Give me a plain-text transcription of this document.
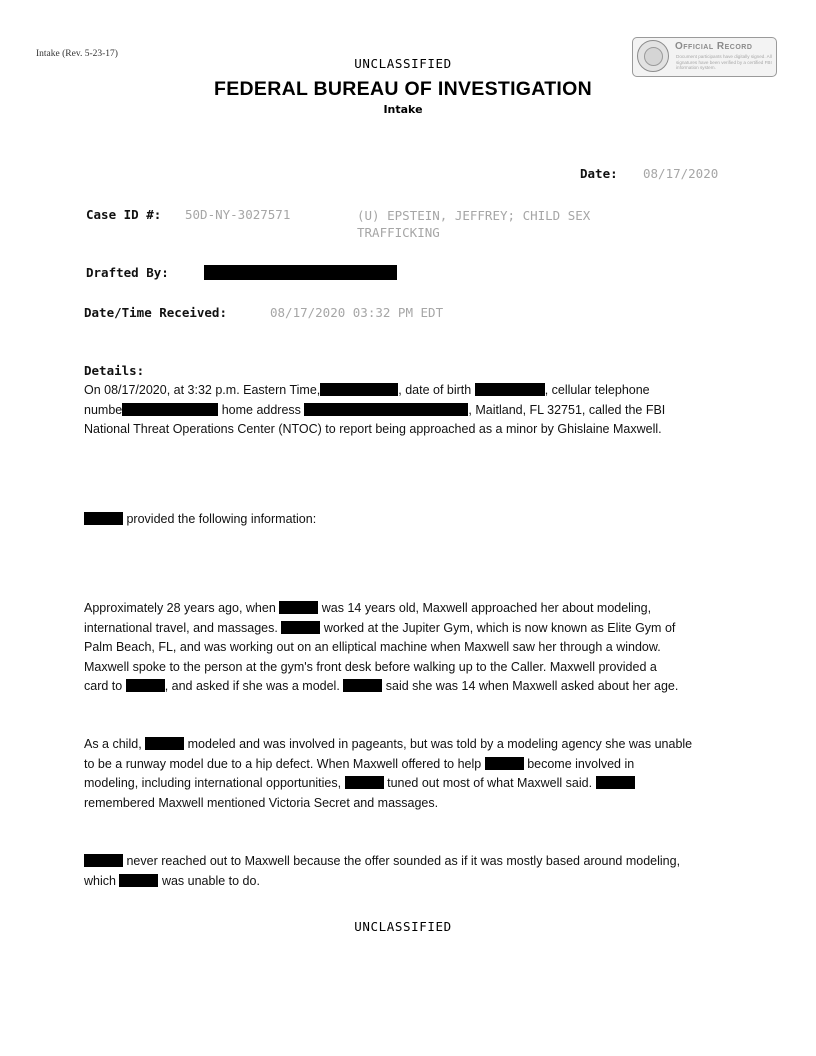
Intake (Rev. 5-23-17)
UNCLASSIFIED
FEDERAL BUREAU OF INVESTIGATION
Intake
Official Record
Document participants have digitally signed. All signatures have been verified by a certified FBI information system.
Date: 08/17/2020
Case ID #: 50D-NY-3027571	(U) EPSTEIN, JEFFREY; CHILD SEX
TRAFFICKING
Drafted By:
Date/Time Received:	08/17/2020 03:32 PM EDT
Details:
On 08/17/2020, at 3:32 p.m. Eastern Time,	, date of birth	, cellular telephone
numbe	home address	, Maitland, FL 32751, called the FBI
National Threat Operations Center (NTOC) to report being approached as a minor by Ghislaine Maxwell.
provided the following information:
Approximately 28 years ago, when	was 14 years old, Maxwell approached her about modeling,
international travel, and massages.	worked at the Jupiter Gym, which is now known as Elite Gym of
Palm Beach, FL, and was working out on an elliptical machine when Maxwell saw her through a window.
Maxwell spoke to the person at the gym's front desk before walking up to the Caller. Maxwell provided a
card to	, and asked if she was a model.	said she was 14 when Maxwell asked about her age.
As a child,	modeled and was involved in pageants, but was told by a modeling agency she was unable
to be a runway model due to a hip defect. When Maxwell offered to help	become involved in
modeling, including international opportunities,	tuned out most of what Maxwell said.
remembered Maxwell mentioned Victoria Secret and massages.
never reached out to Maxwell because the offer sounded as if it was mostly based around modeling,
which	was unable to do.
UNCLASSIFIED
